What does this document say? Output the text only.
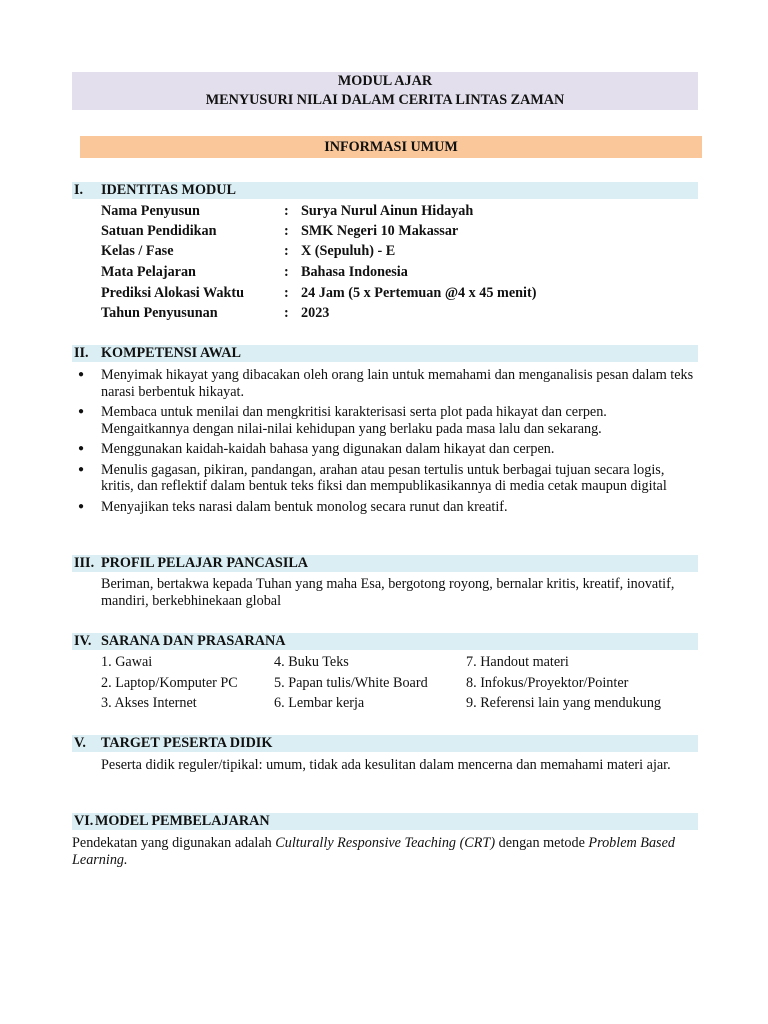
MODUL AJAR
MENYUSURI NILAI DALAM CERITA LINTAS ZAMAN
INFORMASI UMUM
I. IDENTITAS MODUL
Nama Penyusun	: Surya Nurul Ainun Hidayah
Satuan Pendidikan	: SMK Negeri 10 Makassar
Kelas / Fase	: X (Sepuluh) - E
Mata Pelajaran	: Bahasa Indonesia
Prediksi Alokasi Waktu	: 24 Jam (5 x Pertemuan @4 x 45 menit)
Tahun Penyusunan	: 2023
II. KOMPETENSI AWAL
● Menyimak hikayat yang dibacakan oleh orang lain untuk memahami dan menganalisis pesan dalam teks narasi berbentuk hikayat.
● Membaca untuk menilai dan mengkritisi karakterisasi serta plot pada hikayat dan cerpen. Mengaitkannya dengan nilai-nilai kehidupan yang berlaku pada masa lalu dan sekarang.
● Menggunakan kaidah-kaidah bahasa yang digunakan dalam hikayat dan cerpen.
● Menulis gagasan, pikiran, pandangan, arahan atau pesan tertulis untuk berbagai tujuan secara logis, kritis, dan reflektif dalam bentuk teks fiksi dan mempublikasikannya di media cetak maupun digital
● Menyajikan teks narasi dalam bentuk monolog secara runut dan kreatif.
III. PROFIL PELAJAR PANCASILA
Beriman, bertakwa kepada Tuhan yang maha Esa, bergotong royong, bernalar kritis, kreatif, inovatif, mandiri, berkebhinekaan global
IV. SARANA DAN PRASARANA
1. Gawai	4. Buku Teks	7. Handout materi
2. Laptop/Komputer PC	5. Papan tulis/White Board	8. Infokus/Proyektor/Pointer
3. Akses Internet	6. Lembar kerja	9. Referensi lain yang mendukung
V. TARGET PESERTA DIDIK
Peserta didik reguler/tipikal: umum, tidak ada kesulitan dalam mencerna dan memahami materi ajar.
VI. MODEL PEMBELAJARAN
Pendekatan yang digunakan adalah Culturally Responsive Teaching (CRT) dengan metode Problem Based Learning.
